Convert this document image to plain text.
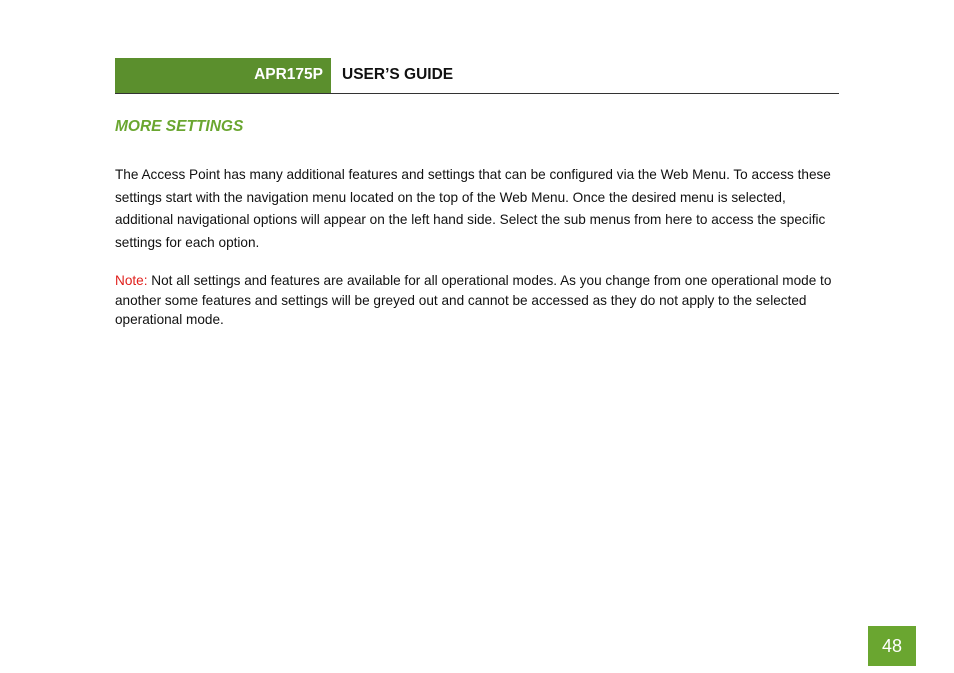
APR175P USER’S GUIDE
MORE SETTINGS

The Access Point has many additional features and settings that can be configured via the Web Menu. To access these settings start with the navigation menu located on the top of the Web Menu. Once the desired menu is selected, additional navigational options will appear on the left hand side. Select the sub menus from here to access the specific settings for each option.

Note: Not all settings and features are available for all operational modes. As you change from one operational mode to another some features and settings will be greyed out and cannot be accessed as they do not apply to the selected operational mode.

48
